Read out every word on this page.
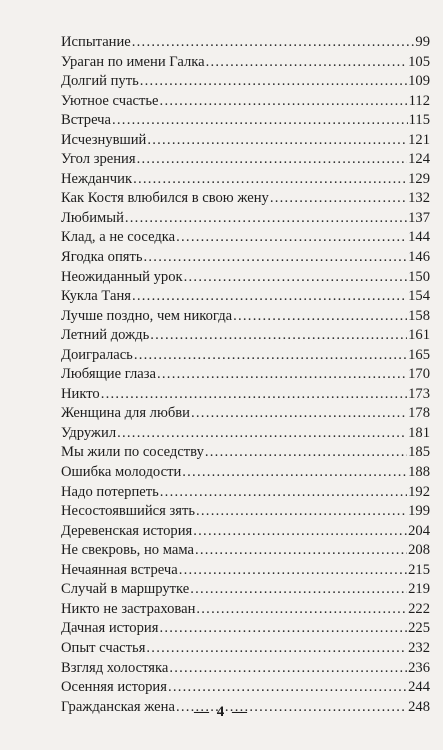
Испытание . . .	99
Ураган по имени Галка . . .	105
Долгий путь . . .	109
Уютное счастье . . .	112
Встреча . . .	115
Исчезнувший . . .	121
Угол зрения . . .	124
Нежданчик . . .	129
Как Костя влюбился в свою жену . . .	132
Любимый . . .	137
Клад, а не соседка . . .	144
Ягодка опять . . .	146
Неожиданный урок . . .	150
Кукла Таня . . .	154
Лучше поздно, чем никогда . . .	158
Летний дождь . . .	161
Доигралась . . .	165
Любящие глаза . . .	170
Никто . . .	173
Женщина для любви . . .	178
Удружил . . .	181
Мы жили по соседству . . .	185
Ошибка молодости . . .	188
Надо потерпеть . . .	192
Несостоявшийся зять . . .	199
Деревенская история . . .	204
Не свекровь, но мама . . .	208
Нечаянная встреча . . .	215
Случай в маршрутке . . .	219
Никто не застрахован . . .	222
Дачная история . . .	225
Опыт счастья . . .	232
Взгляд холостяка . . .	236
Осенняя история . . .	244
Гражданская жена . . .	248
— 4 —
